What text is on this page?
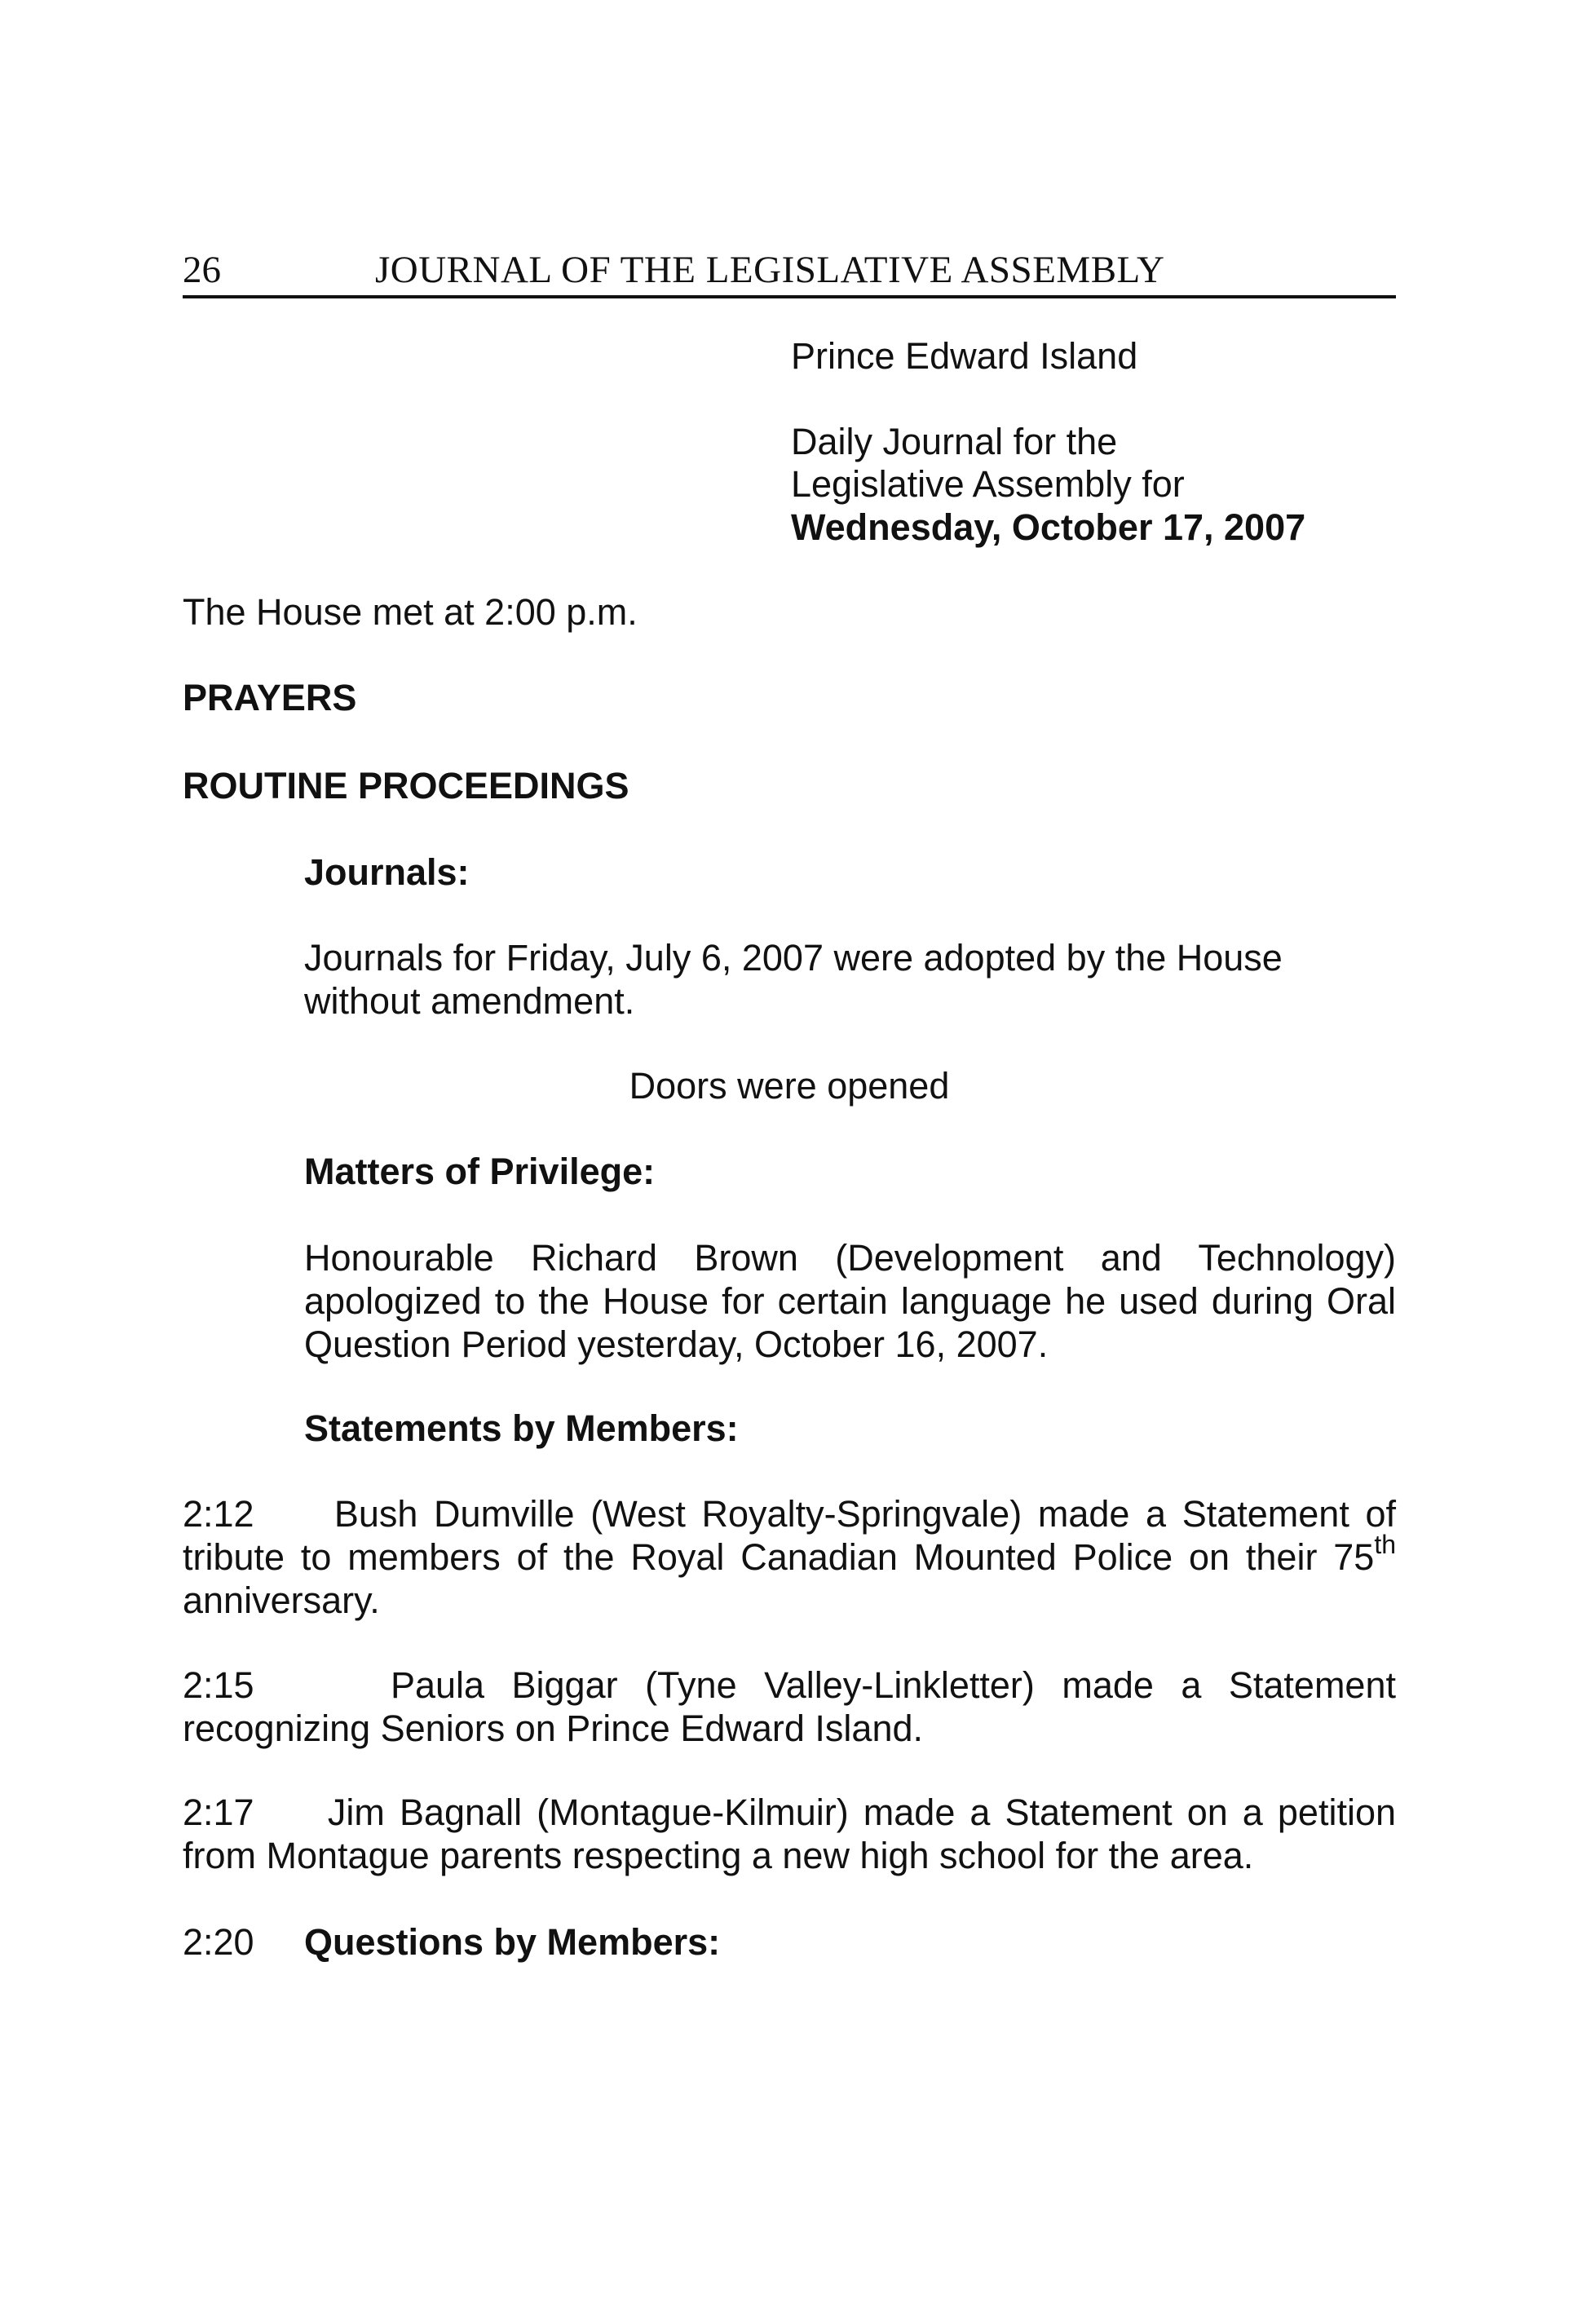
26	JOURNAL OF THE LEGISLATIVE ASSEMBLY
Prince Edward Island
Daily Journal for the
Legislative Assembly for
Wednesday, October 17, 2007
The House met at 2:00 p.m.
PRAYERS
ROUTINE PROCEEDINGS
Journals:
Journals for Friday, July 6, 2007 were adopted by the House without amendment.
Doors were opened
Matters of Privilege:
Honourable Richard Brown (Development and Technology) apologized to the House for certain language he used during Oral Question Period yesterday, October 16, 2007.
Statements by Members:
2:12 Bush Dumville (West Royalty-Springvale) made a Statement of tribute to members of the Royal Canadian Mounted Police on their 75th anniversary.
2:15	Paula Biggar (Tyne Valley-Linkletter) made a Statement recognizing Seniors on Prince Edward Island.
2:17 Jim Bagnall (Montague-Kilmuir) made a Statement on a petition from Montague parents respecting a new high school for the area.
2:20 Questions by Members:
